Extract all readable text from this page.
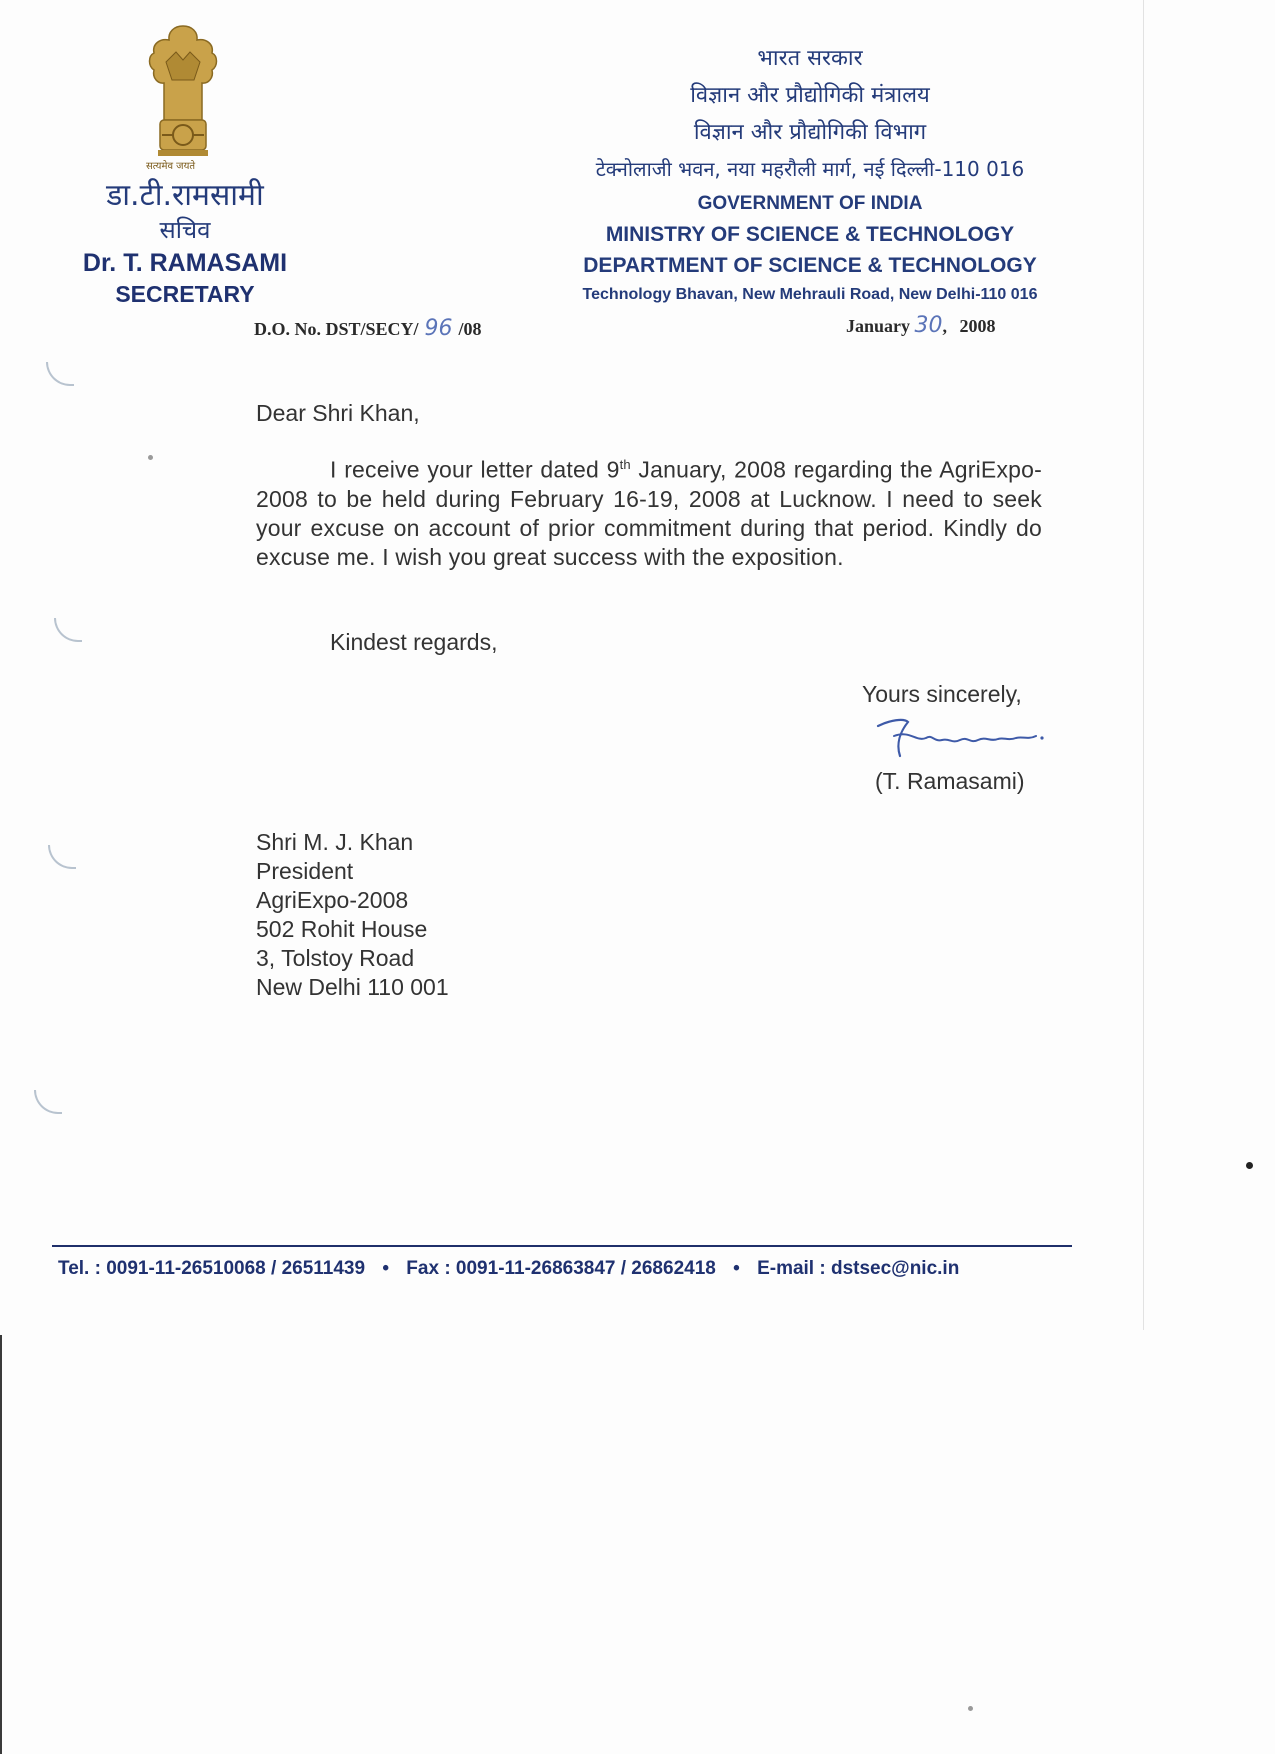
सत्यमेव जयते
डा.टी.रामसामी
सचिव
Dr. T. RAMASAMI
SECRETARY
भारत सरकार
विज्ञान और प्रौद्योगिकी मंत्रालय
विज्ञान और प्रौद्योगिकी विभाग
टेक्नोलाजी भवन, नया महरौली मार्ग, नई दिल्ली-110 016
GOVERNMENT OF INDIA
MINISTRY OF SCIENCE & TECHNOLOGY
DEPARTMENT OF SCIENCE & TECHNOLOGY
Technology Bhavan, New Mehrauli Road, New Delhi-110 016
D.O. No. DST/SECY/ 96 /08	January 30, 2008
Dear Shri Khan,
I receive your letter dated 9th January, 2008 regarding the AgriExpo-2008 to be held during February 16-19, 2008 at Lucknow. I need to seek your excuse on account of prior commitment during that period. Kindly do excuse me. I wish you great success with the exposition.
Kindest regards,
Yours sincerely,
(T. Ramasami)
Shri M. J. Khan
President
AgriExpo-2008
502 Rohit House
3, Tolstoy Road
New Delhi 110 001
Tel. : 0091-11-26510068 / 26511439 • Fax : 0091-11-26863847 / 26862418 • E-mail : dstsec@nic.in
